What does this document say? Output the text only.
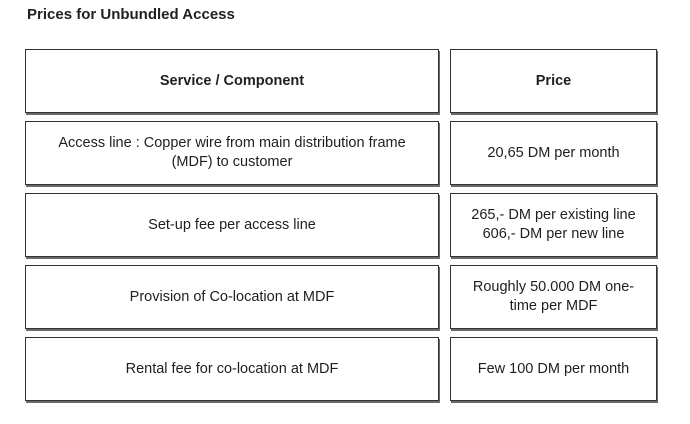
Prices for Unbundled Access
Service / Component	Price
Access line : Copper wire from main distribution frame
(MDF) to customer
20,65 DM per month
Set-up fee per access line
265,- DM per existing line
606,- DM per new line
Provision of Co-location at MDF
Roughly 50.000 DM one-
time per MDF
Rental fee for co-location at MDF	Few 100 DM per month
